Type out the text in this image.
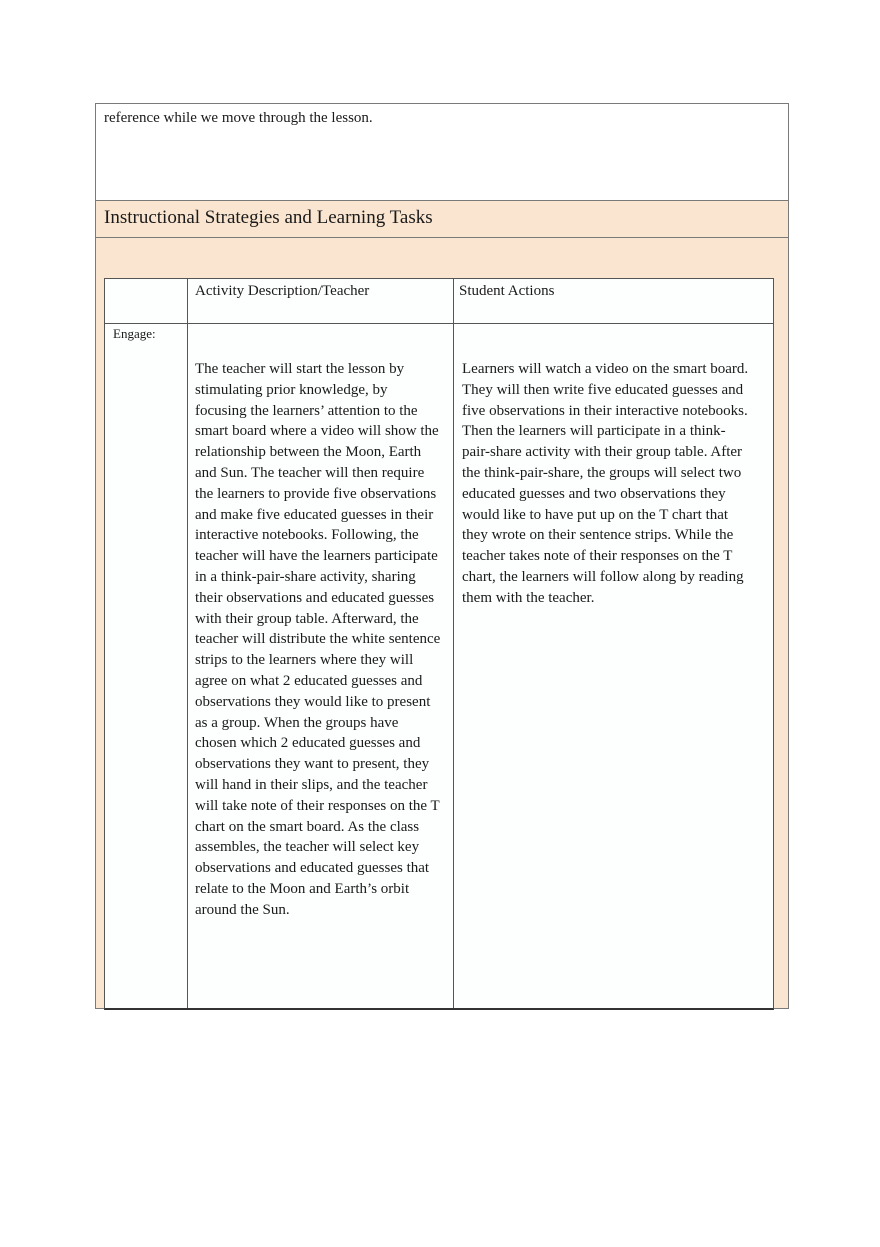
reference while we move through the lesson.
Instructional Strategies and Learning Tasks
Activity Description/Teacher	Student Actions
Engage:
The teacher will start the lesson by stimulating prior knowledge, by focusing the learners’ attention to the smart board where a video will show the relationship between the Moon, Earth and Sun. The teacher will then require the learners to provide five observations and make five educated guesses in their interactive notebooks. Following, the teacher will have the learners participate in a think-pair-share activity, sharing their observations and educated guesses with their group table. Afterward, the teacher will distribute the white sentence strips to the learners where they will agree on what 2 educated guesses and observations they would like to present as a group. When the groups have chosen which 2 educated guesses and observations they want to present, they will hand in their slips, and the teacher will take note of their responses on the T chart on the smart board. As the class assembles, the teacher will select key observations and educated guesses that relate to the Moon and Earth’s orbit around the Sun.
Learners will watch a video on the smart board. They will then write five educated guesses and five observations in their interactive notebooks. Then the learners will participate in a think-pair-share activity with their group table. After the think-pair-share, the groups will select two educated guesses and two observations they would like to have put up on the T chart that they wrote on their sentence strips. While the teacher takes note of their responses on the T chart, the learners will follow along by reading them with the teacher.
